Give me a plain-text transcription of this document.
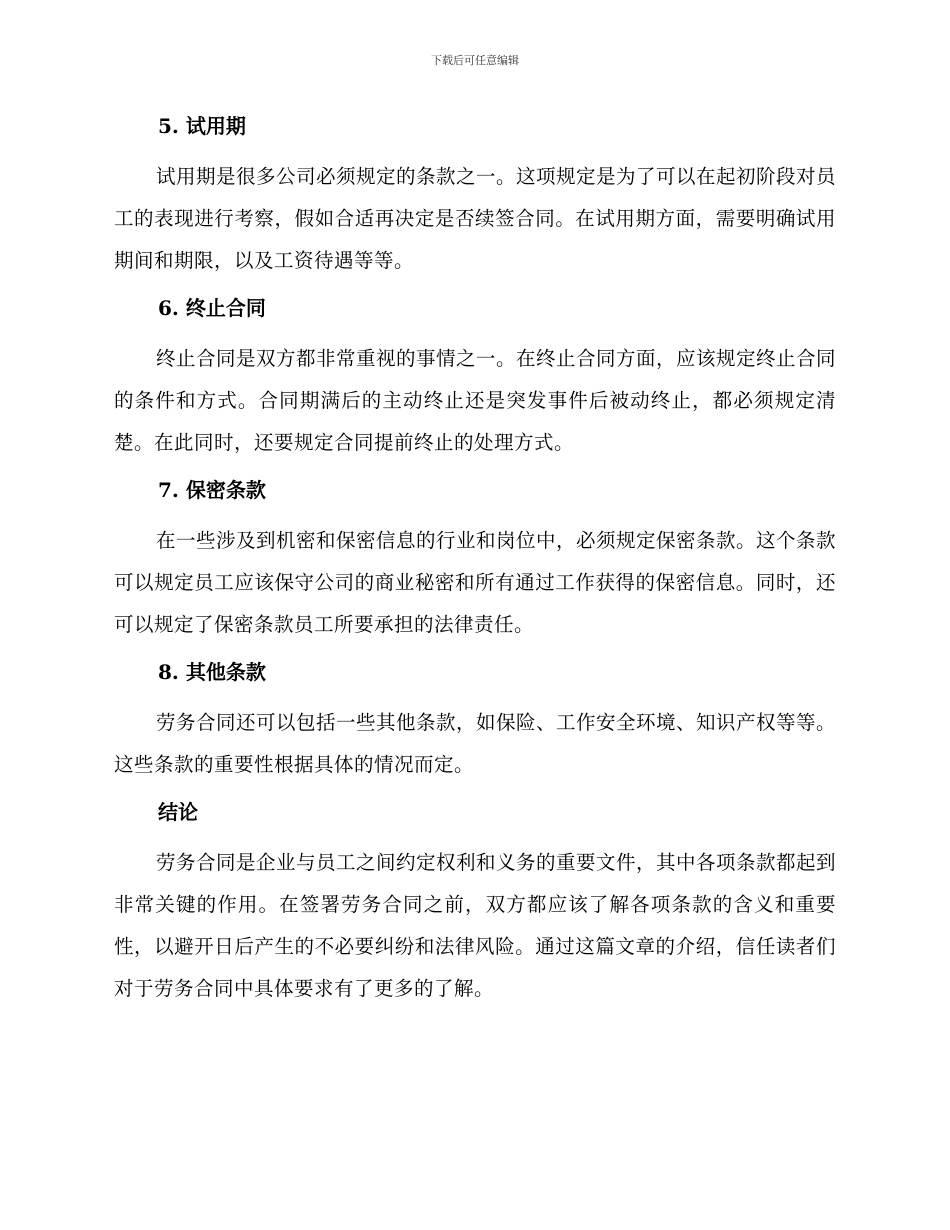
下载后可任意编辑
5. 试用期

试用期是很多公司必须规定的条款之一。这项规定是为了可以在起初阶段对员工的表现进行考察，假如合适再决定是否续签合同。在试用期方面，需要明确试用期间和期限，以及工资待遇等等。

6. 终止合同

终止合同是双方都非常重视的事情之一。在终止合同方面，应该规定终止合同的条件和方式。合同期满后的主动终止还是突发事件后被动终止，都必须规定清楚。在此同时，还要规定合同提前终止的处理方式。

7. 保密条款

在一些涉及到机密和保密信息的行业和岗位中，必须规定保密条款。这个条款可以规定员工应该保守公司的商业秘密和所有通过工作获得的保密信息。同时，还可以规定了保密条款员工所要承担的法律责任。

8. 其他条款

劳务合同还可以包括一些其他条款，如保险、工作安全环境、知识产权等等。这些条款的重要性根据具体的情况而定。

结论

劳务合同是企业与员工之间约定权利和义务的重要文件，其中各项条款都起到非常关键的作用。在签署劳务合同之前，双方都应该了解各项条款的含义和重要性，以避开日后产生的不必要纠纷和法律风险。通过这篇文章的介绍，信任读者们对于劳务合同中具体要求有了更多的了解。
